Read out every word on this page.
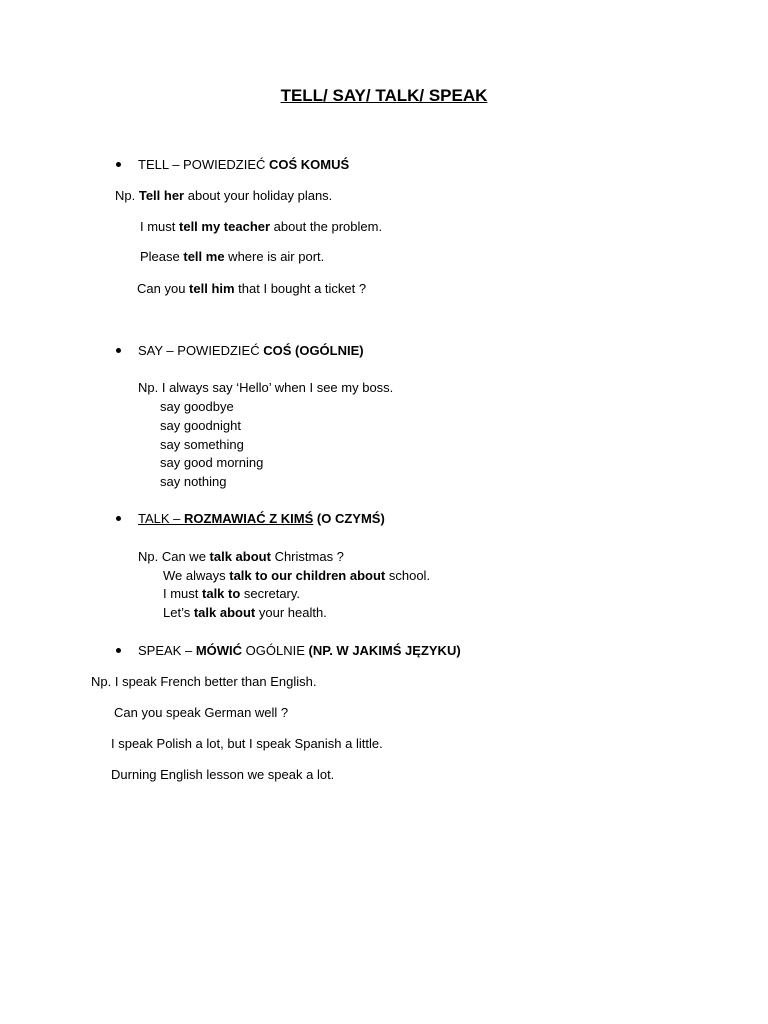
TELL/ SAY/ TALK/ SPEAK
TELL – POWIEDZIEĆ COŚ KOMUŚ
Np. Tell her about your holiday plans.
I must tell my teacher about the problem.
Please tell me where is air port.
Can you tell him that I bought a ticket ?
SAY – POWIEDZIEĆ COŚ (OGÓLNIE)
Np. I always say ‘Hello’ when I see my boss.
say goodbye
say goodnight
say something
say good morning
say nothing
TALK – ROZMAWIAĆ Z KIMŚ (O CZYMŚ)
Np. Can we talk about Christmas ?
We always talk to our children about school.
I must talk to secretary.
Let’s talk about your health.
SPEAK – MÓWIĆ OGÓLNIE (NP. W JAKIMŚ JĘZYKU)
Np. I speak French better than English.
Can you speak German well ?
I speak Polish a lot, but I speak Spanish a little.
Durning English lesson we speak a lot.
